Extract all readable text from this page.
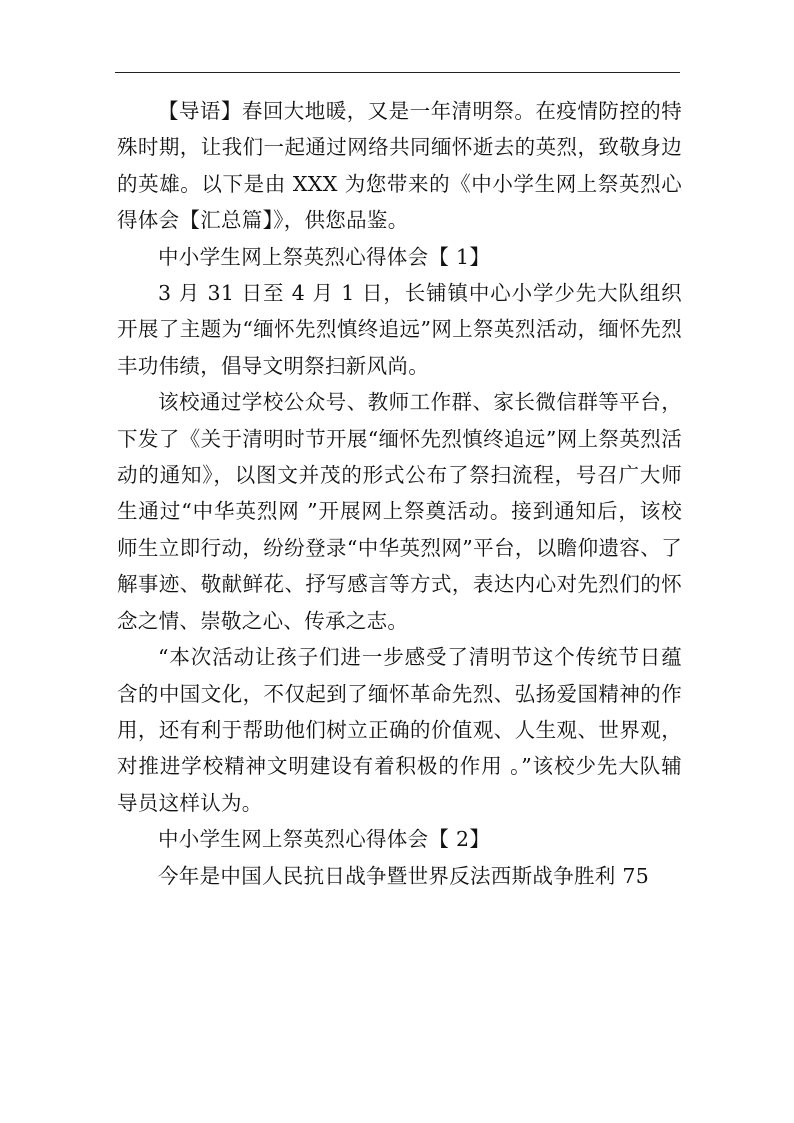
【导语】春回大地暖，又是一年清明祭。在疫情防控的特殊时期，让我们一起通过网络共同缅怀逝去的英烈，致敬身边的英雄。以下是由 XXX 为您带来的《中小学生网上祭英烈心得体会【汇总篇】》，供您品鉴。

中小学生网上祭英烈心得体会【 1】

3 月 31 日至 4 月 1 日，长铺镇中心小学少先大队组织开展了主题为“缅怀先烈慎终追远”网上祭英烈活动，缅怀先烈丰功伟绩，倡导文明祭扫新风尚。

该校通过学校公众号、教师工作群、家长微信群等平台，下发了《关于清明时节开展“缅怀先烈慎终追远”网上祭英烈活动的通知》，以图文并茂的形式公布了祭扫流程，号召广大师生通过“中华英烈网 ”开展网上祭奠活动。接到通知后，该校师生立即行动，纷纷登录“中华英烈网”平台，以瞻仰遗容、了解事迹、敬献鲜花、抒写感言等方式，表达内心对先烈们的怀念之情、崇敬之心、传承之志。

“本次活动让孩子们进一步感受了清明节这个传统节日蕴含的中国文化，不仅起到了缅怀革命先烈、弘扬爱国精神的作用，还有利于帮助他们树立正确的价值观、人生观、世界观，对推进学校精神文明建设有着积极的作用 。”该校少先大队辅导员这样认为。

中小学生网上祭英烈心得体会【 2】

今年是中国人民抗日战争暨世界反法西斯战争胜利 75
